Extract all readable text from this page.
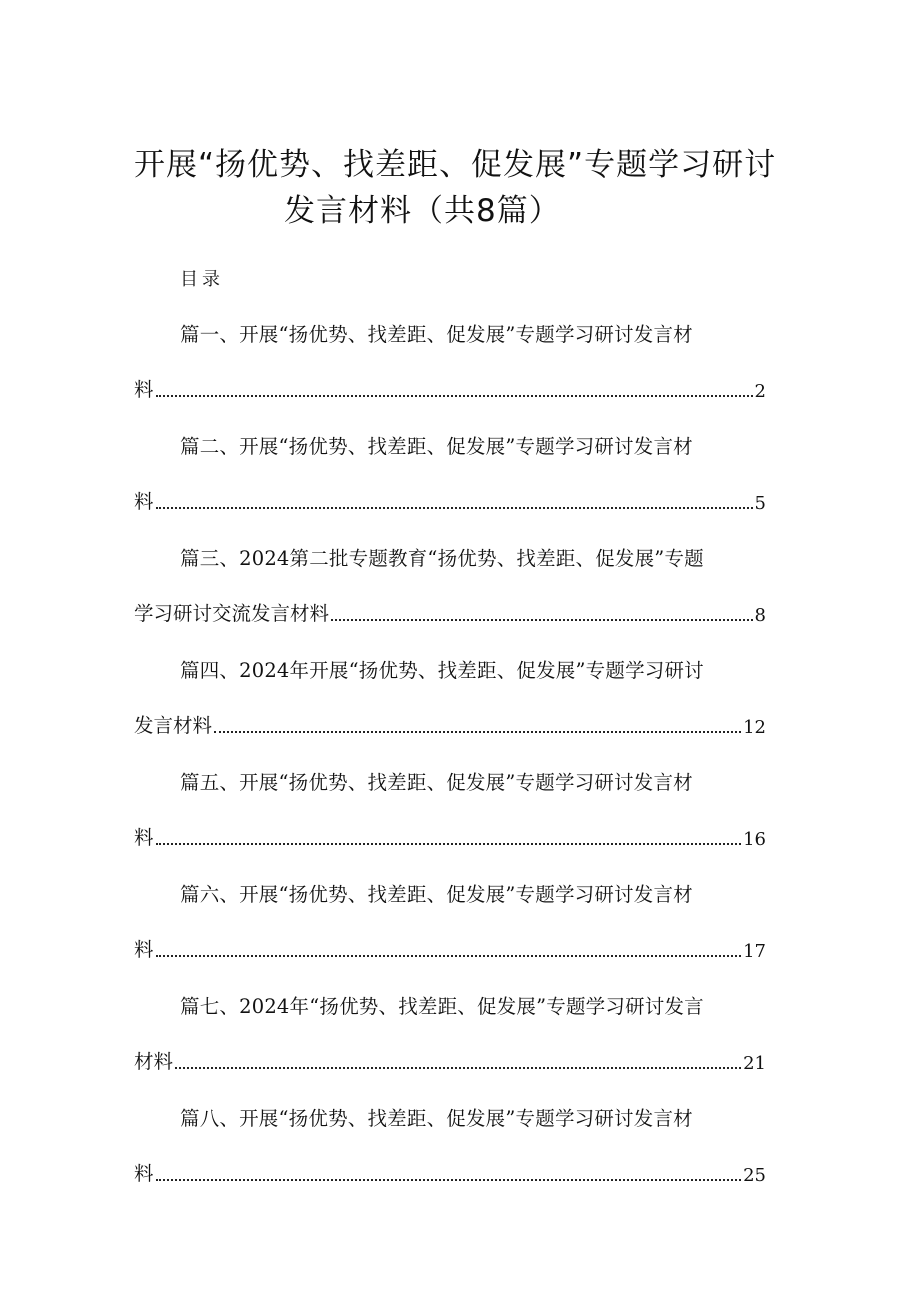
开展“扬优势、找差距、促发展”专题学习研讨
发言材料（共8篇）
目录
篇一、开展“扬优势、找差距、促发展”专题学习研讨发言材
料	2
篇二、开展“扬优势、找差距、促发展”专题学习研讨发言材
料	5
篇三、2024第二批专题教育“扬优势、找差距、促发展”专题
学习研讨交流发言材料	8
篇四、2024年开展“扬优势、找差距、促发展”专题学习研讨
发言材料	12
篇五、开展“扬优势、找差距、促发展”专题学习研讨发言材
料	16
篇六、开展“扬优势、找差距、促发展”专题学习研讨发言材
料	17
篇七、2024年“扬优势、找差距、促发展”专题学习研讨发言
材料	21
篇八、开展“扬优势、找差距、促发展”专题学习研讨发言材
料	25
